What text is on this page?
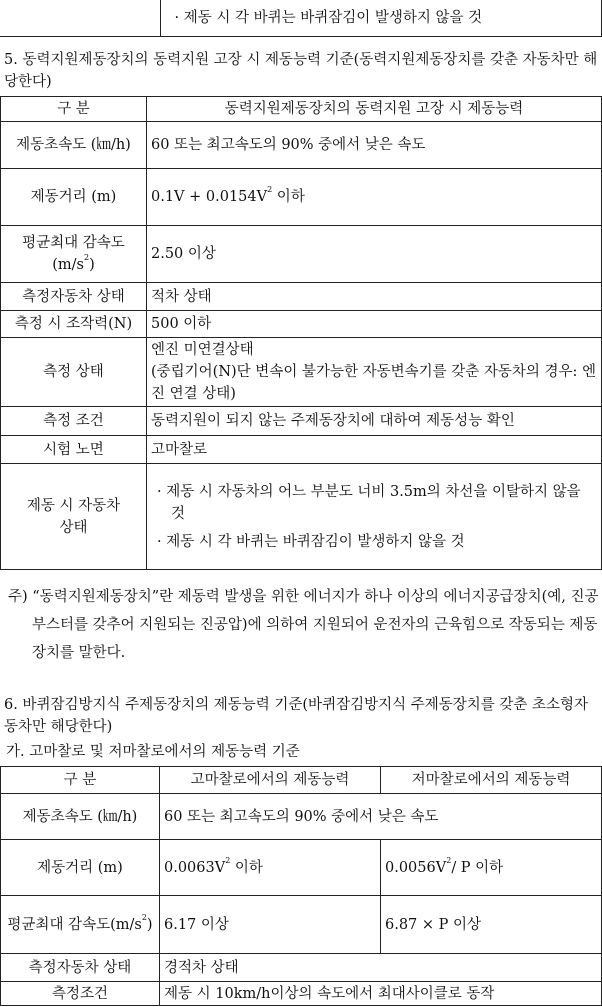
	· 제동 시 각 바퀴는 바퀴잠김이 발생하지 않을 것

5. 동력지원제동장치의 동력지원 고장 시 제동능력 기준(동력지원제동장치를 갖춘 자동차만 해당한다)

구 분	동력지원제동장치의 동력지원 고장 시 제동능력
제동초속도 (㎞/h)	60 또는 최고속도의 90% 중에서 낮은 속도
제동거리 (m)	$0.1V + 0.0154V^2$ 이하
평균최대 감속도$(m/s^2)$	2.50 이상
측정자동차 상태	적차 상태
측정 시 조작력(N)	500 이하
측정 상태	엔진 미연결상태
(중립기어(N)단 변속이 불가능한 자동변속기를 갖춘 자동차의 경우: 엔진 연결 상태)

측정 조건	동력지원이 되지 않는 주제동장치에 대하여 제동성능 확인
시험 노면	고마찰로
제동 시 자동차 상태	· 제동 시 자동차의 어느 부분도 너비 3.5m의 차선을 이탈하지 않을 것
· 제동 시 각 바퀴는 바퀴잠김이 발생하지 않을 것

주) “동력지원제동장치”란 제동력 발생을 위한 에너지가 하나 이상의 에너지공급장치(예, 진공부스터를 갖추어 지원되는 진공압)에 의하여 지원되어 운전자의 근육힘으로 작동되는 제동장치를 말한다.

6. 바퀴잠김방지식 주제동장치의 제동능력 기준(바퀴잠김방지식 주제동장치를 갖춘 초소형자동차만 해당한다)

가. 고마찰로 및 저마찰로에서의 제동능력 기준

구 분	고마찰로에서의 제동능력	저마찰로에서의 제동능력
제동초속도 (㎞/h)	60 또는 최고속도의 90% 중에서 낮은 속도	
제동거리 (m)	$0.0063V^2$ 이하	$0.0056V^2/$ P 이하
평균최대 감속도$(m/s^2)$	6.17 이상	6.87 × P 이상
측정자동차 상태	경적차 상태	
측정조건	제동 시 10km/h이상의 속도에서 최대사이클로 동작	
